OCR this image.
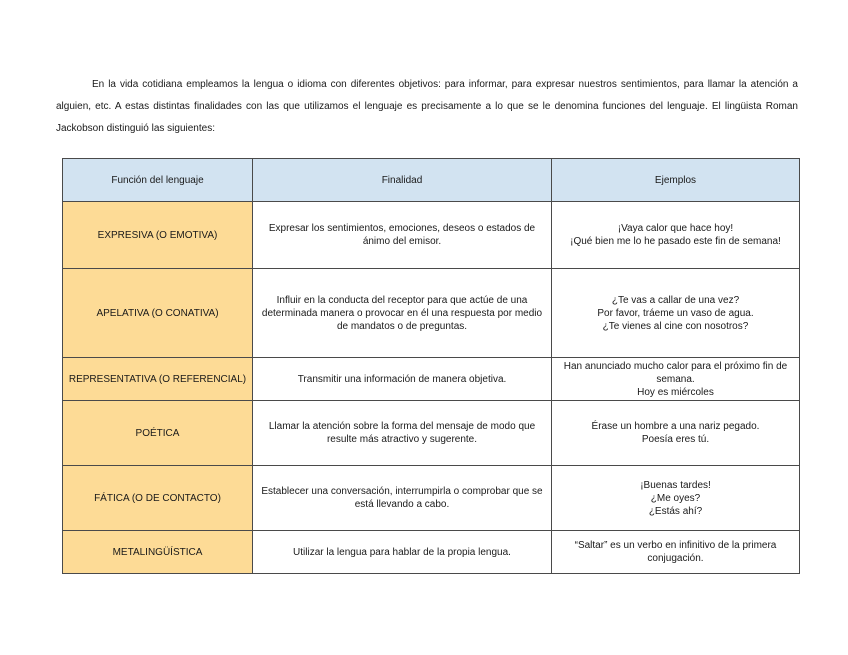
En la vida cotidiana empleamos la lengua o idioma con diferentes objetivos: para informar, para expresar nuestros sentimientos, para llamar la atención a alguien, etc. A estas distintas finalidades con las que utilizamos el lenguaje es precisamente a lo que se le denomina funciones del lenguaje. El lingüista Roman Jackobson distinguió las siguientes:

Función del lenguaje	Finalidad	Ejemplos
EXPRESIVA (O EMOTIVA)	Expresar los sentimientos, emociones, deseos o estados de ánimo del emisor.	¡Vaya calor que hace hoy!
¡Qué bien me lo he pasado este fin de semana!
APELATIVA (O CONATIVA)	Influir en la conducta del receptor para que actúe de una determinada manera o provocar en él una respuesta por medio de mandatos o de preguntas.	¿Te vas a callar de una vez?
Por favor, tráeme un vaso de agua.
¿Te vienes al cine con nosotros?
REPRESENTATIVA (O REFERENCIAL)	Transmitir una información de manera objetiva.	Han anunciado mucho calor para el próximo fin de semana.
Hoy es miércoles
POÉTICA	Llamar la atención sobre la forma del mensaje de modo que resulte más atractivo y sugerente.	Érase un hombre a una nariz pegado.
Poesía eres tú.
FÁTICA (O DE CONTACTO)	Establecer una conversación, interrumpirla o comprobar que se está llevando a cabo.	¡Buenas tardes!
¿Me oyes?
¿Estás ahí?
METALINGÜÍSTICA	Utilizar la lengua para hablar de la propia lengua.	“Saltar” es un verbo en infinitivo de la primera conjugación.
